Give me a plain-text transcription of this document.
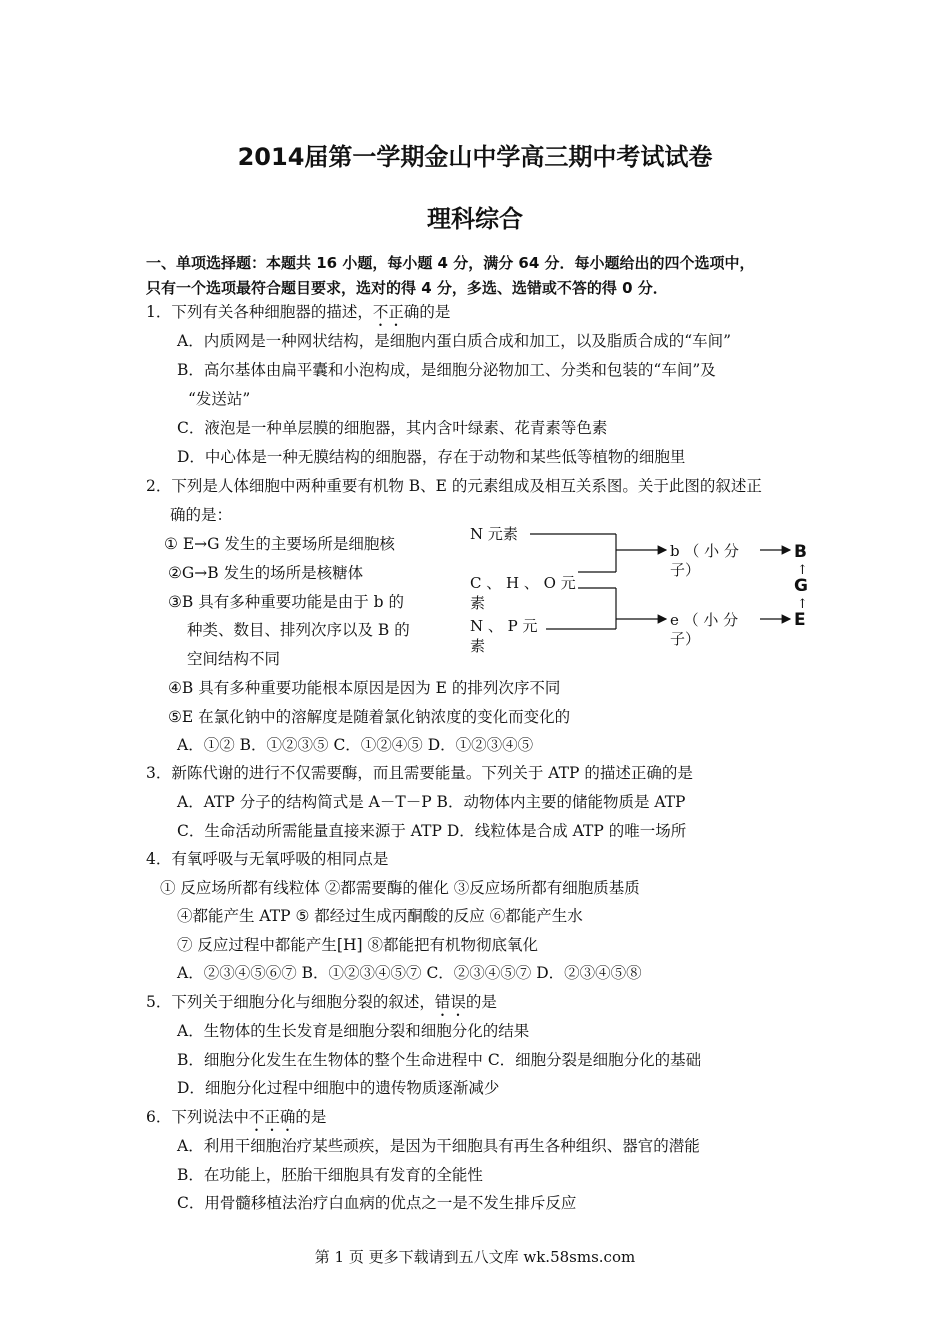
2014届第一学期金山中学高三期中考试试卷
理科综合
一、单项选择题：本题共 16 小题，每小题 4 分，满分 64 分．每小题给出的四个选项中，
只有一个选项最符合题目要求，选对的得 4 分，多选、选错或不答的得 0 分．
1．下列有关各种细胞器的描述，不正确的是
A．内质网是一种网状结构，是细胞内蛋白质合成和加工，以及脂质合成的“车间”
B．高尔基体由扁平囊和小泡构成，是细胞分泌物加工、分类和包装的“车间”及
“发送站”
C．液泡是一种单层膜的细胞器，其内含叶绿素、花青素等色素
D．中心体是一种无膜结构的细胞器，存在于动物和某些低等植物的细胞里
2．下列是人体细胞中两种重要有机物 B、E 的元素组成及相互关系图。关于此图的叙述正
确的是：
① E→G 发生的主要场所是细胞核
②G→B 发生的场所是核糖体
③B 具有多种重要功能是由于 b 的
种类、数目、排列次序以及 B 的
空间结构不同
④B 具有多种重要功能根本原因是因为 E 的排列次序不同
⑤E 在氯化钠中的溶解度是随着氯化钠浓度的变化而变化的
A．①② B．①②③⑤ C．①②④⑤ D．①②③④⑤
N 元素
C 、 H 、 O 元
素
N 、 P 元
素
b （ 小 分
子）
e （ 小 分
子）
B
↑
G
↑
E
3．新陈代谢的进行不仅需要酶，而且需要能量。下列关于 ATP 的描述正确的是
A．ATP 分子的结构简式是 A－T－P B．动物体内主要的储能物质是 ATP
C．生命活动所需能量直接来源于 ATP D．线粒体是合成 ATP 的唯一场所
4．有氧呼吸与无氧呼吸的相同点是
① 反应场所都有线粒体 ②都需要酶的催化 ③反应场所都有细胞质基质
④都能产生 ATP ⑤ 都经过生成丙酮酸的反应 ⑥都能产生水
⑦ 反应过程中都能产生[H] ⑧都能把有机物彻底氧化
A．②③④⑤⑥⑦ B．①②③④⑤⑦ C．②③④⑤⑦ D．②③④⑤⑧
5．下列关于细胞分化与细胞分裂的叙述，错误的是
A．生物体的生长发育是细胞分裂和细胞分化的结果
B．细胞分化发生在生物体的整个生命进程中 C．细胞分裂是细胞分化的基础
D．细胞分化过程中细胞中的遗传物质逐渐减少
6．下列说法中不正确的是
A．利用干细胞治疗某些顽疾，是因为干细胞具有再生各种组织、器官的潜能
B．在功能上，胚胎干细胞具有发育的全能性
C．用骨髓移植法治疗白血病的优点之一是不发生排斥反应
第 1 页 更多下载请到五八文库 wk.58sms.com
